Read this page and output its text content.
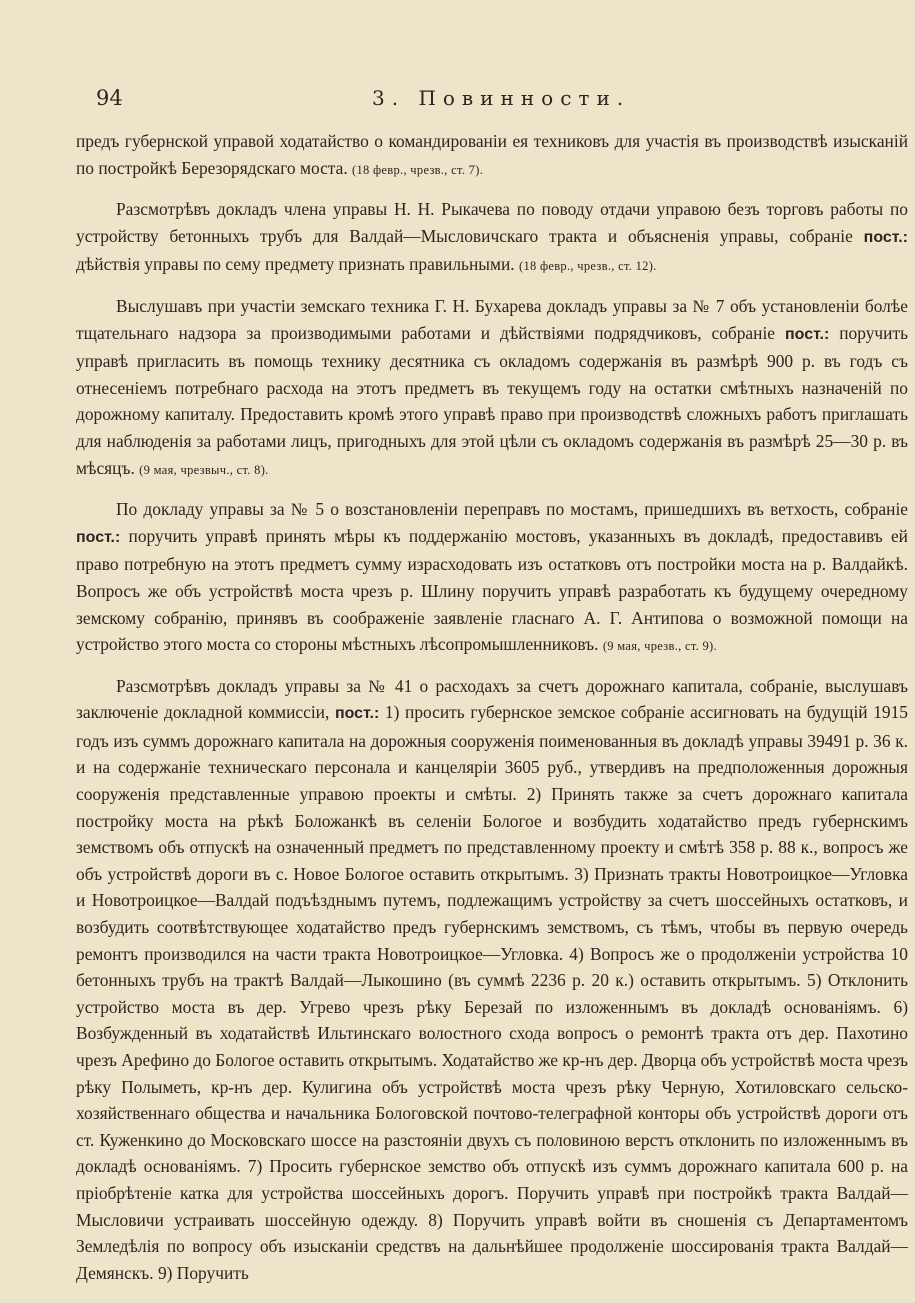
94	3. Повинности.

предъ губернской управой ходатайство о командированіи ея техниковъ для участія въ производствѣ изысканій по постройкѣ Березорядскаго моста. (18 февр., чрезв., ст. 7).

Разсмотрѣвъ докладъ члена управы Н. Н. Рыкачева по поводу отдачи управою безъ торговъ работы по устройству бетонныхъ трубъ для Валдай—Мысловичскаго тракта и объясненія управы, собраніе пост.: дѣйствія управы по сему предмету признать правильными. (18 февр., чрезв., ст. 12).

Выслушавъ при участіи земскаго техника Г. Н. Бухарева докладъ управы за № 7 объ установленіи болѣе тщательнаго надзора за производимыми работами и дѣйствіями подрядчиковъ, собраніе пост.: поручить управѣ пригласить въ помощь технику десятника съ окладомъ содержанія въ размѣрѣ 900 р. въ годъ съ отнесеніемъ потребнаго расхода на этотъ предметъ въ текущемъ году на остатки смѣтныхъ назначеній по дорожному капиталу. Предоставить кромѣ этого управѣ право при производствѣ сложныхъ работъ приглашать для наблюденія за работами лицъ, пригодныхъ для этой цѣли съ окладомъ содержанія въ размѣрѣ 25—30 р. въ мѣсяцъ. (9 мая, чрезвыч., ст. 8).

По докладу управы за № 5 о возстановленіи переправъ по мостамъ, пришедшихъ въ ветхость, собраніе пост.: поручить управѣ принять мѣры къ поддержанію мостовъ, указанныхъ въ докладѣ, предоставивъ ей право потребную на этотъ предметъ сумму израсходовать изъ остатковъ отъ постройки моста на р. Валдайкѣ. Вопросъ же объ устройствѣ моста чрезъ р. Шлину поручить управѣ разработать къ будущему очередному земскому собранію, принявъ въ соображеніе заявленіе гласнаго А. Г. Антипова о возможной помощи на устройство этого моста со стороны мѣстныхъ лѣсопромышленниковъ. (9 мая, чрезв., ст. 9).

Разсмотрѣвъ докладъ управы за № 41 о расходахъ за счетъ дорожнаго капитала, собраніе, выслушавъ заключеніе докладной коммиссіи, пост.: 1) просить губернское земское собраніе ассигновать на будущій 1915 годъ изъ суммъ дорожнаго капитала на дорожныя сооруженія поименованныя въ докладѣ управы 39491 р. 36 к. и на содержаніе техническаго персонала и канцеляріи 3605 руб., утвердивъ на предположенныя дорожныя сооруженія представленные управою проекты и смѣты. 2) Принять также за счетъ дорожнаго капитала постройку моста на рѣкѣ Боложанкѣ въ селеніи Бологое и возбудить ходатайство предъ губернскимъ земствомъ объ отпускѣ на означенный предметъ по представленному проекту и смѣтѣ 358 р. 88 к., вопросъ же объ устройствѣ дороги въ с. Новое Бологое оставить открытымъ. 3) Признать тракты Новотроицкое—Угловка и Новотроицкое—Валдай подъѣзднымъ путемъ, подлежащимъ устройству за счетъ шоссейныхъ остатковъ, и возбудить соотвѣтствующее ходатайство предъ губернскимъ земствомъ, съ тѣмъ, чтобы въ первую очередь ремонтъ производился на части тракта Новотроицкое—Угловка. 4) Вопросъ же о продолженіи устройства 10 бетонныхъ трубъ на трактѣ Валдай—Лыкошино (въ суммѣ 2236 р. 20 к.) оставить открытымъ. 5) Отклонить устройство моста въ дер. Угрево чрезъ рѣку Березай по изложеннымъ въ докладѣ основаніямъ. 6) Возбужденный въ ходатайствѣ Ильтинскаго волостного схода вопросъ о ремонтѣ тракта отъ дер. Пахотино чрезъ Арефино до Бологое оставить открытымъ. Ходатайство же кр-нъ дер. Дворца объ устройствѣ моста чрезъ рѣку Полыметь, кр-нъ дер. Кулигина объ устройствѣ моста чрезъ рѣку Черную, Хотиловскаго сельско-хозяйственнаго общества и начальника Бологовской почтово-телеграфной конторы объ устройствѣ дороги отъ ст. Куженкино до Московскаго шоссе на разстояніи двухъ съ половиною верстъ отклонить по изложеннымъ въ докладѣ основаніямъ. 7) Просить губернское земство объ отпускѣ изъ суммъ дорожнаго капитала 600 р. на пріобрѣтеніе катка для устройства шоссейныхъ дорогъ. Поручить управѣ при постройкѣ тракта Валдай—Мысловичи устраивать шоссейную одежду. 8) Поручить управѣ войти въ сношенія съ Департаментомъ Земледѣлія по вопросу объ изысканіи средствъ на дальнѣйшее продолженіе шоссированія тракта Валдай—Демянскъ. 9) Поручить
